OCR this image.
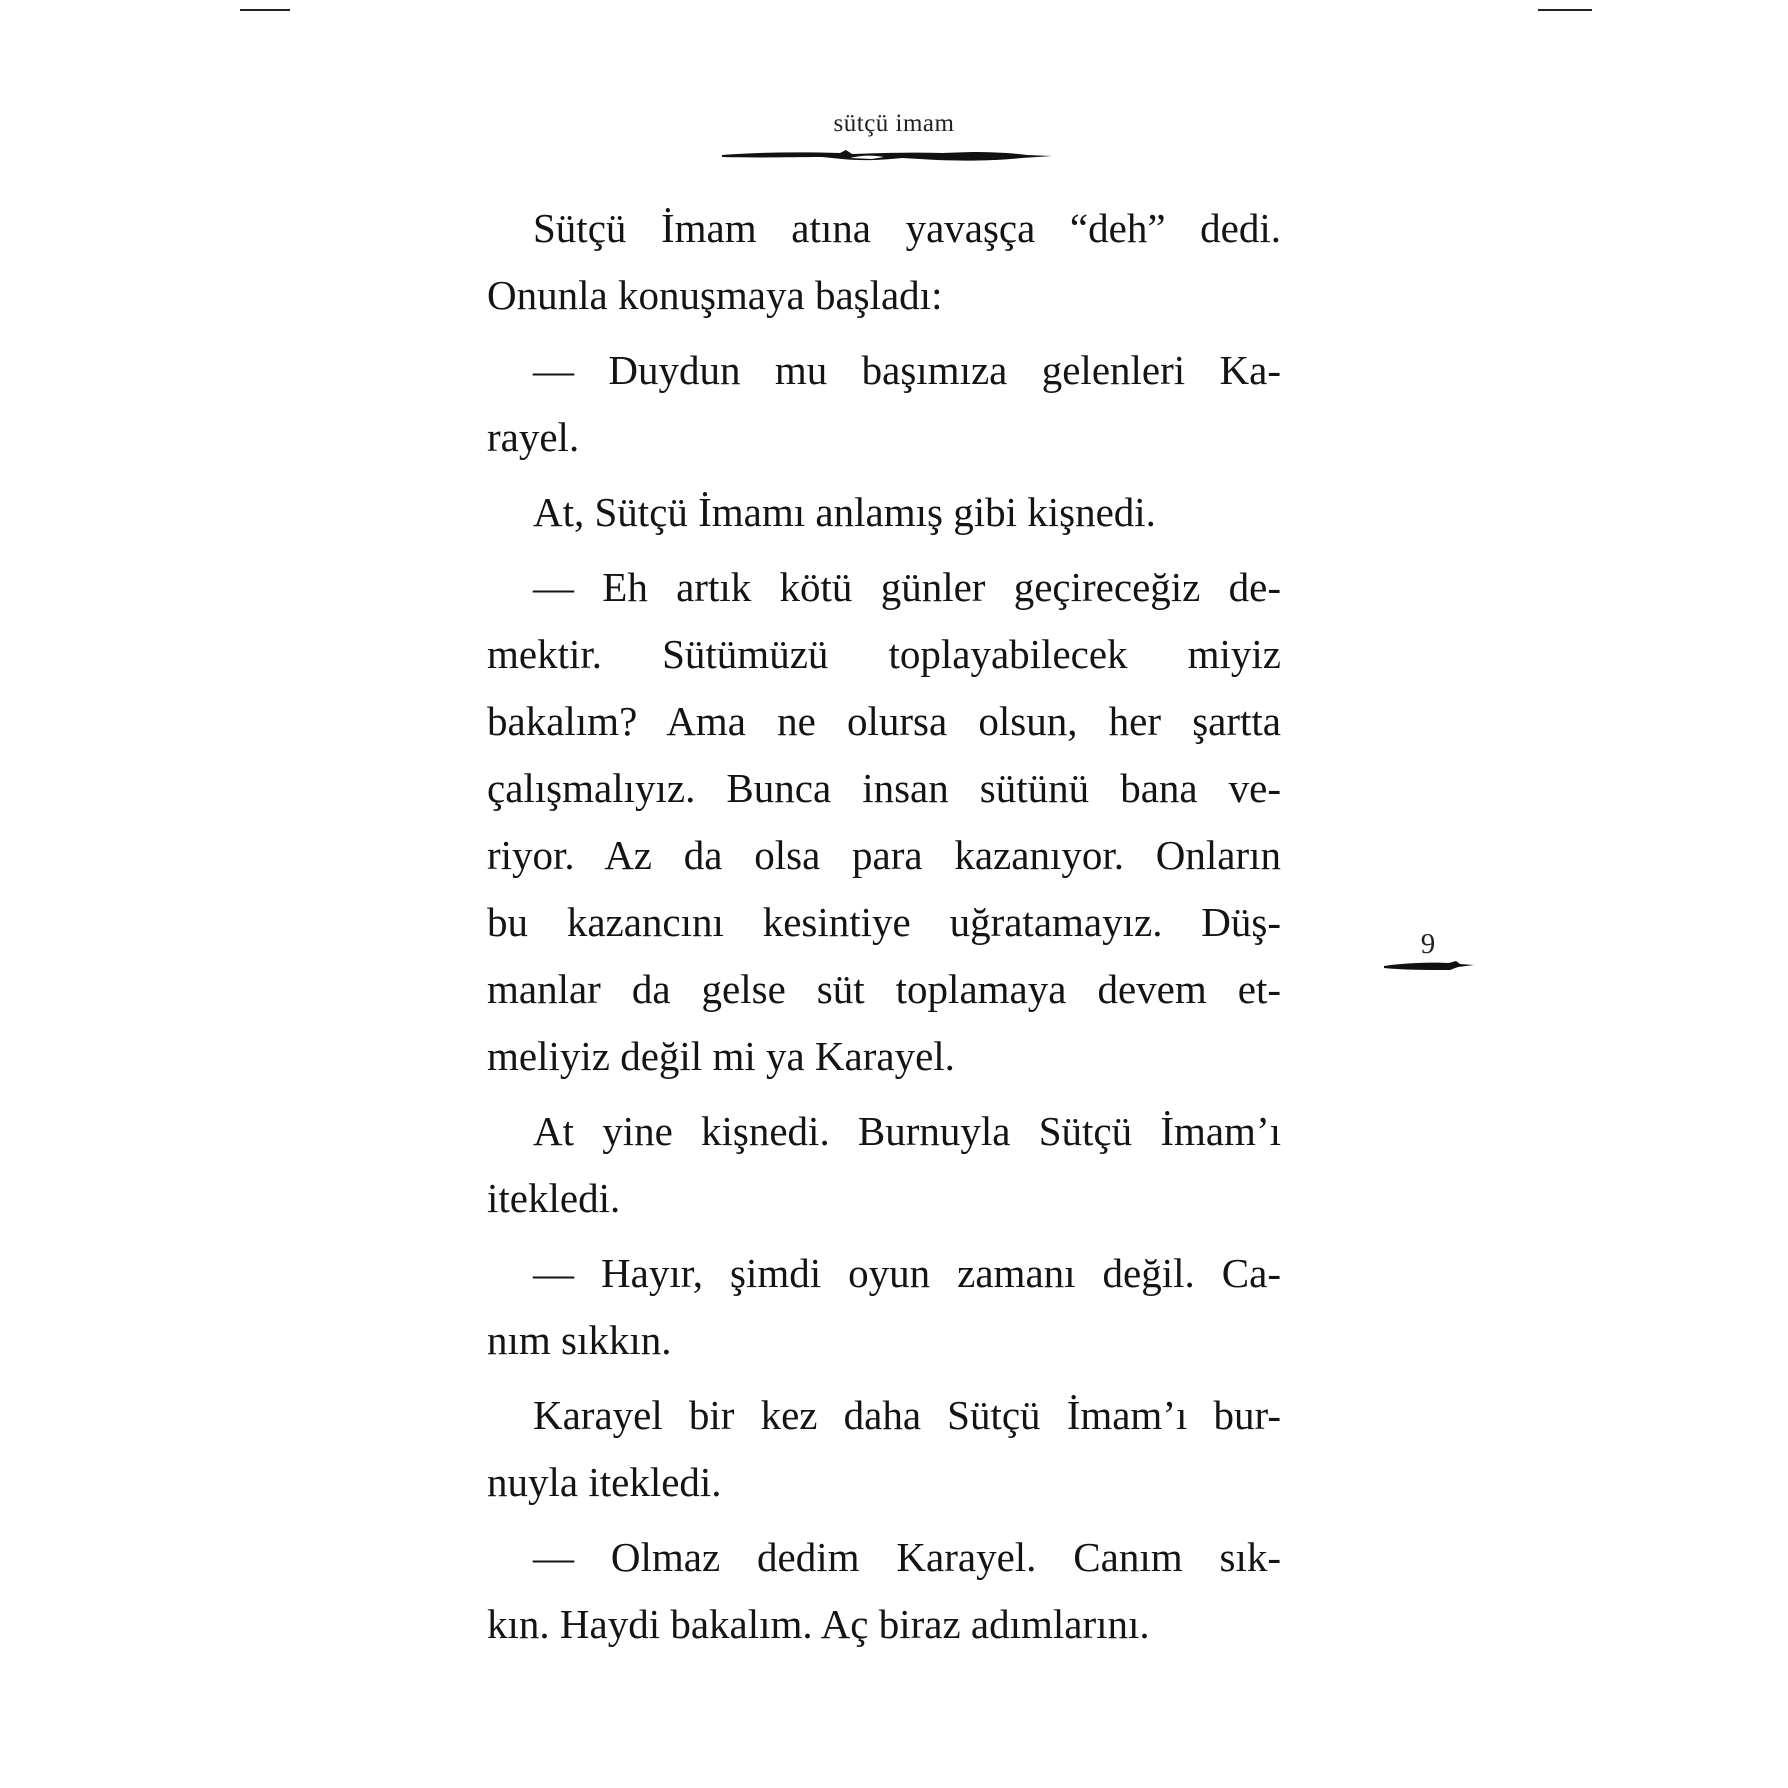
sütçü imam
9
Sütçü İmam atına yavaşça “deh” dedi.
Onunla konuşmaya başladı:
— Duydun mu başımıza gelenleri Ka-
rayel.
At, Sütçü İmamı anlamış gibi kişnedi.
— Eh artık kötü günler geçireceğiz de-
mektir. Sütümüzü toplayabilecek miyiz
bakalım? Ama ne olursa olsun, her şartta
çalışmalıyız. Bunca insan sütünü bana ve-
riyor. Az da olsa para kazanıyor. Onların
bu kazancını kesintiye uğratamayız. Düş-
manlar da gelse süt toplamaya devem et-
meliyiz değil mi ya Karayel.
At yine kişnedi. Burnuyla Sütçü İmam’ı
itekledi.
— Hayır, şimdi oyun zamanı değil. Ca-
nım sıkkın.
Karayel bir kez daha Sütçü İmam’ı bur-
nuyla itekledi.
— Olmaz dedim Karayel. Canım sık-
kın. Haydi bakalım. Aç biraz adımlarını.
